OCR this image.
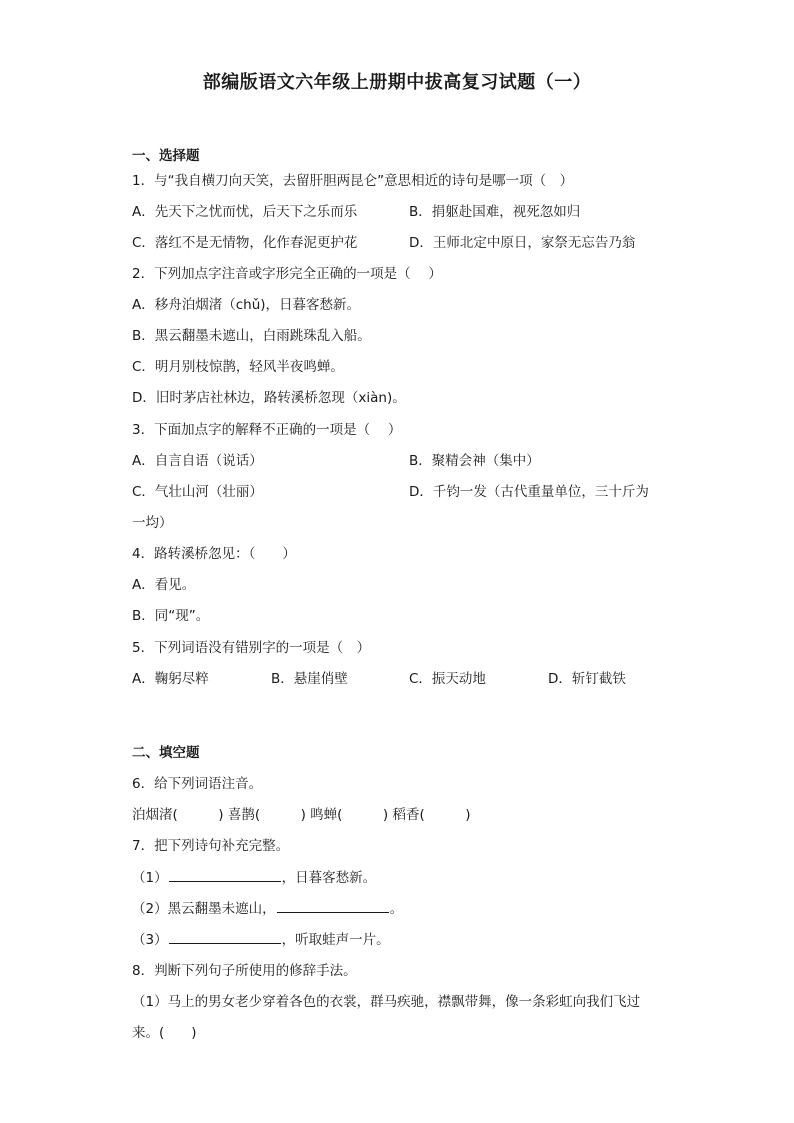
部编版语文六年级上册期中拔高复习试题（一）
一、选择题
1．与“我自横刀向天笑，去留肝胆两昆仑”意思相近的诗句是哪一项（　）
A．先天下之忧而忧，后天下之乐而乐	B．捐躯赴国难，视死忽如归
C．落红不是无情物，化作春泥更护花	D．王师北定中原日，家祭无忘告乃翁
2．下列加点字注音或字形完全正确的一项是（　 ）
A．移舟泊烟渚（chǔ)，日暮客愁新。
B．黑云翻墨未遮山，白雨跳珠乱入船。
C．明月别枝惊鹊，轻风半夜鸣蝉。
D．旧时茅店社林边，路转溪桥忽现（xiàn)。
3．下面加点字的解释不正确的一项是（　 ）
A．自言自语（说话）	B．聚精会神（集中）
C．气壮山河（壮丽）	D．千钧一发（古代重量单位，三十斤为
一均）
4．路转溪桥忽见：（　　）
A．看见。
B．同“现”。
5．下列词语没有错别字的一项是（　）
A．鞠躬尽粹	B．悬崖俏壁	C．振天动地	D．斩钉截铁
二、填空题
6．给下列词语注音。
泊烟渚(　　　) 喜鹊(　　　) 鸣蝉(　　　) 稻香(　　　)
7．把下列诗句补充完整。
（1）	，日暮客愁新。
（2）黑云翻墨未遮山，	。
（3）	，听取蛙声一片。
8．判断下列句子所使用的修辞手法。
（1）马上的男女老少穿着各色的衣裳，群马疾驰，襟飘带舞，像一条彩虹向我们飞过
来。(　　)
